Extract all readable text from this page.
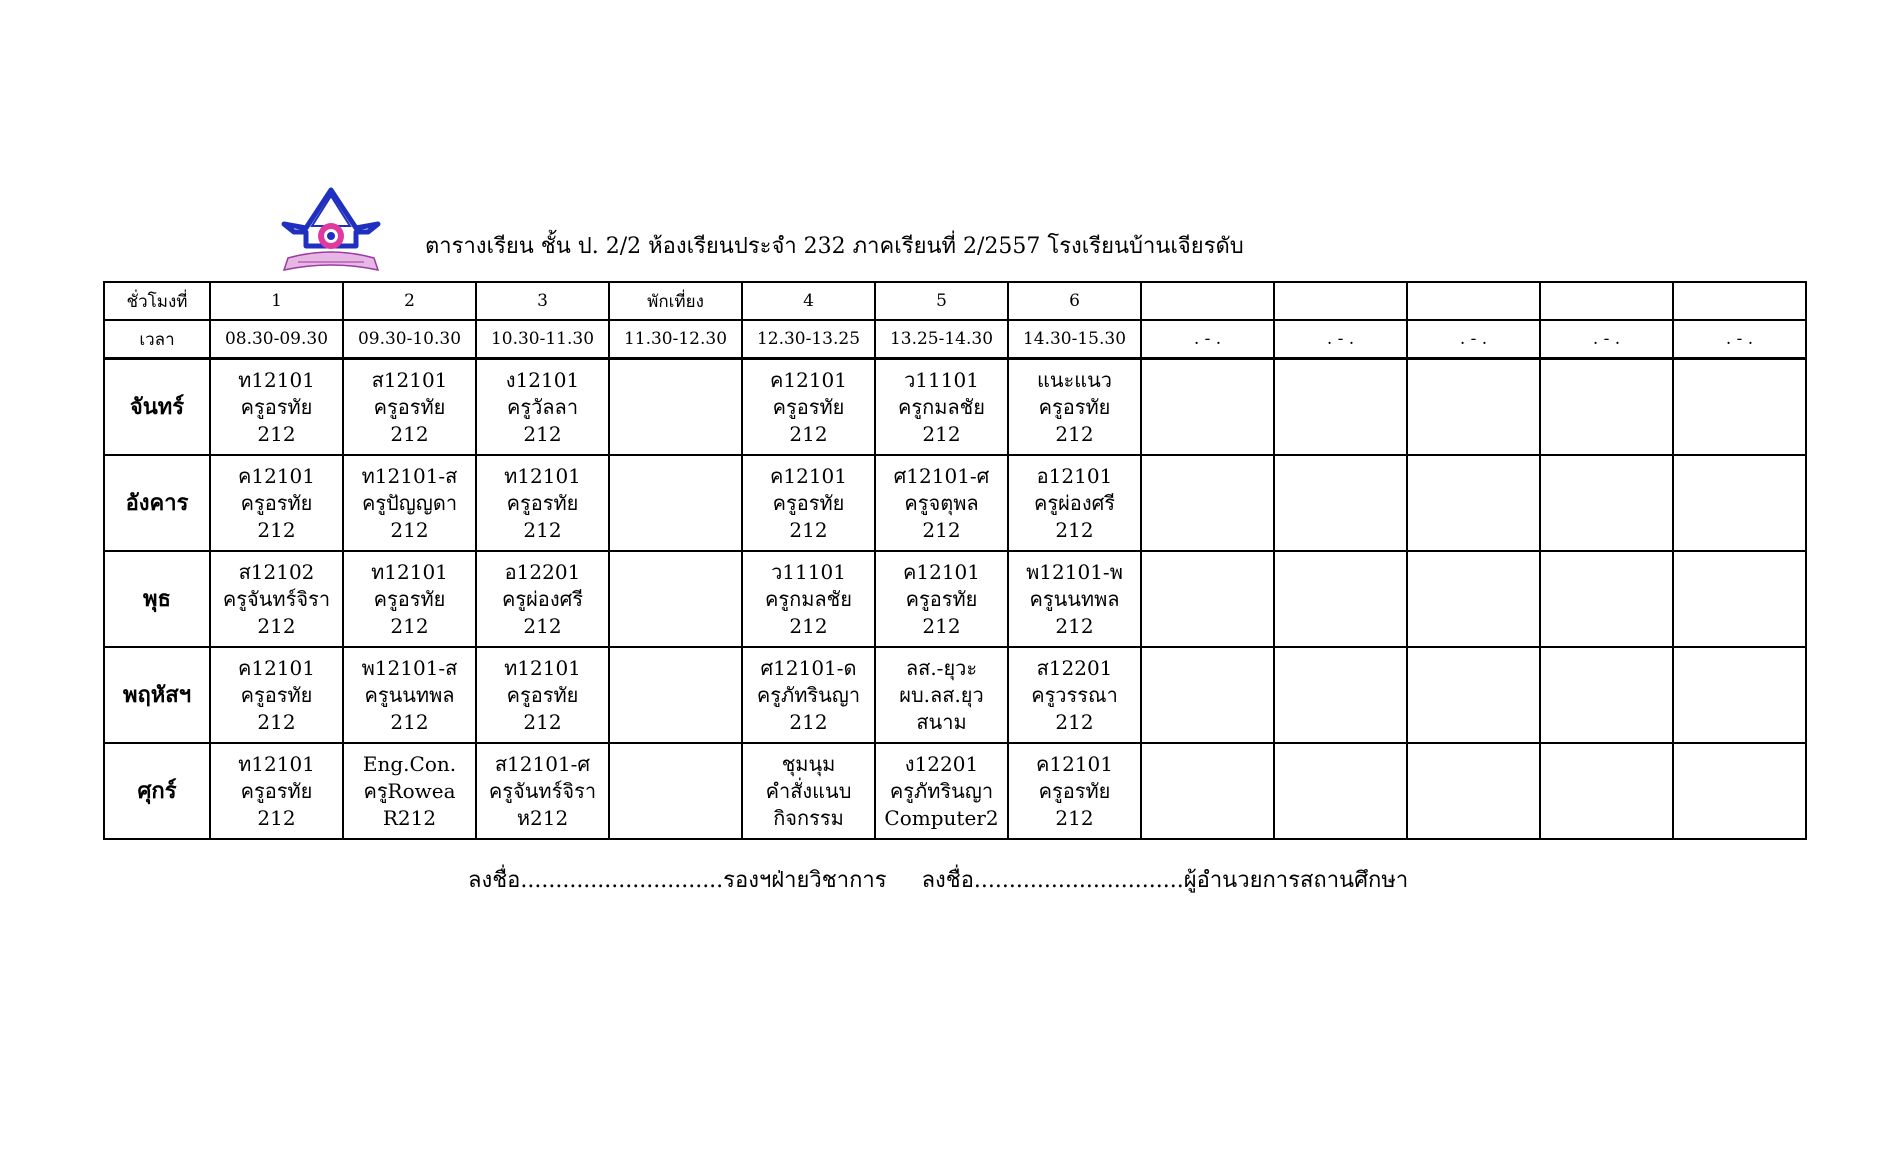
ตารางเรียน ชั้น ป. 2/2 ห้องเรียนประจำ 232 ภาคเรียนที่ 2/2557 โรงเรียนบ้านเจียรดับ
ชั่วโมงที่	1	2	3	พักเที่ยง	4	5	6					
เวลา	08.30-09.30	09.30-10.30	10.30-11.30	11.30-12.30	12.30-13.25	13.25-14.30	14.30-15.30	. - .	. - .	. - .	. - .	. - .
จันทร์	ท12101
ครูอรทัย
212	ส12101
ครูอรทัย
212	ง12101
ครูวัลลา
212		ค12101
ครูอรทัย
212	ว11101
ครูกมลชัย
212	แนะแนว
ครูอรทัย
212					

อังคาร	ค12101
ครูอรทัย
212	ท12101-ส
ครูปัญญดา
212	ท12101
ครูอรทัย
212		ค12101
ครูอรทัย
212	ศ12101-ศ
ครูจตุพล
212	อ12101
ครูผ่องศรี
212					

พุธ	ส12102
ครูจันทร์จิรา
212	ท12101
ครูอรทัย
212	อ12201
ครูผ่องศรี
212		ว11101
ครูกมลชัย
212	ค12101
ครูอรทัย
212	พ12101-พ
ครูนนทพล
212					

พฤหัสฯ	ค12101
ครูอรทัย
212	พ12101-ส
ครูนนทพล
212	ท12101
ครูอรทัย
212		ศ12101-ด
ครูภัทรินญา
212	ลส.-ยุวะ
ผบ.ลส.ยุว
สนาม	ส12201
ครูวรรณา
212					

ศุกร์	ท12101
ครูอรทัย
212	Eng.Con.
ครูRowea
R212	ส12101-ศ
ครูจันทร์จิรา
ห212		ชุมนุม
คำสั่งแนบ
กิจกรรม	ง12201
ครูภัทรินญา
Computer2	ค12101
ครูอรทัย
212					

ลงชื่อ.............................รองฯฝ่ายวิชาการ ลงชื่อ..............................ผู้อำนวยการสถานศึกษา
